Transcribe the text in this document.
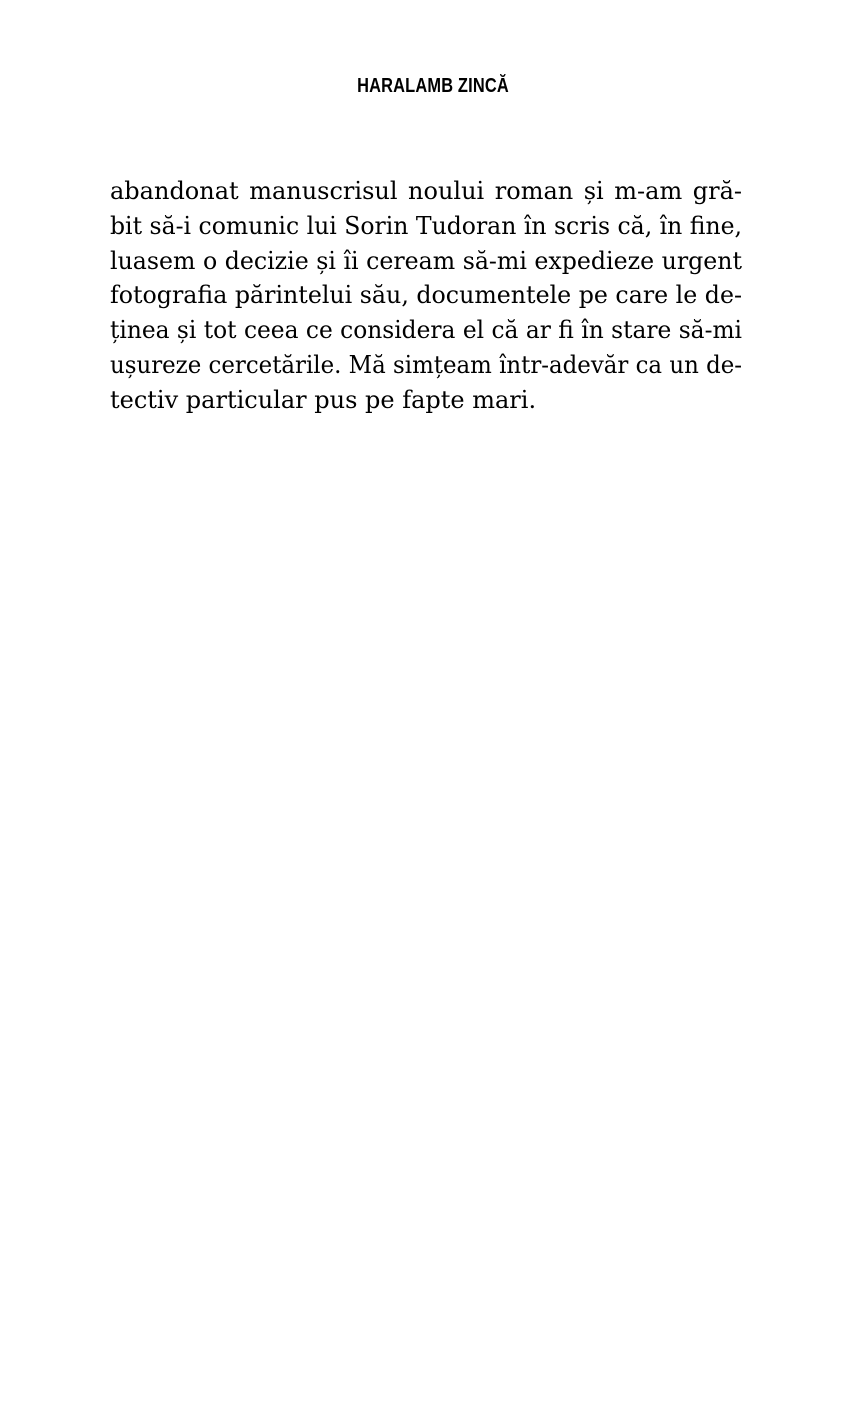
HARALAMB ZINCĂ
abandonat manuscrisul noului roman și m-am gră-
bit să-i comunic lui Sorin Tudoran în scris că, în fine,
luasem o decizie și îi ceream să-mi expedieze urgent
fotografia părintelui său, documentele pe care le de-
ținea și tot ceea ce considera el că ar fi în stare să-mi
ușureze cercetările. Mă simțeam într-adevăr ca un de-
tectiv particular pus pe fapte mari.
